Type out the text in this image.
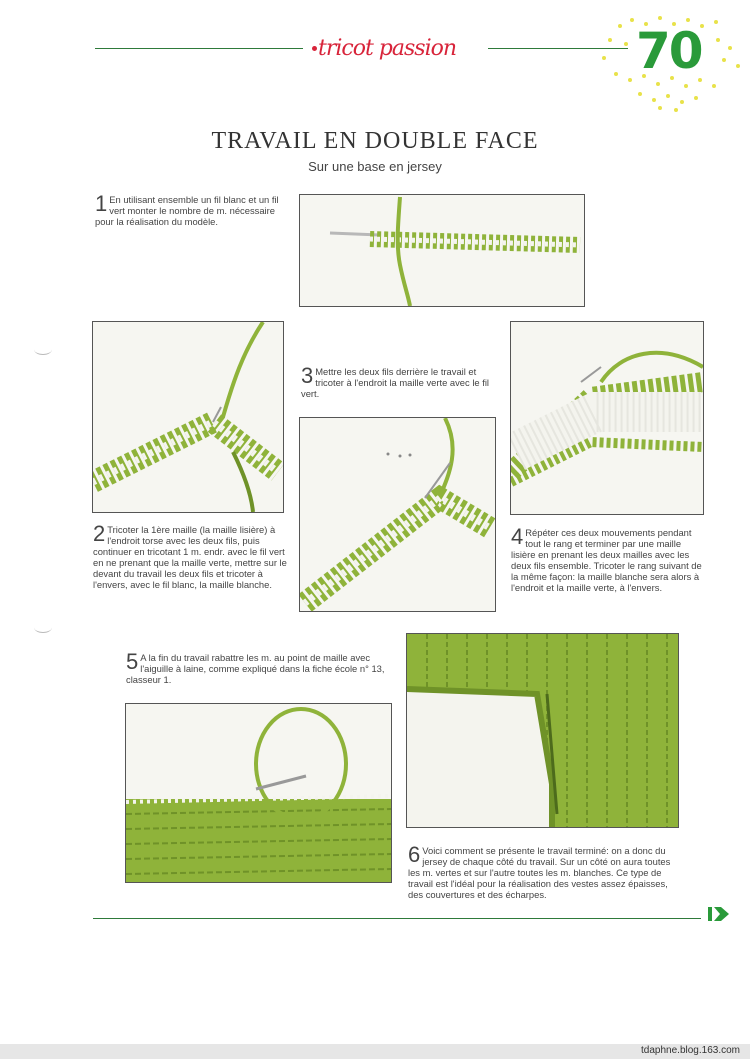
tricot passion	70
TRAVAIL EN DOUBLE FACE
Sur une base en jersey
1 En utilisant ensemble un fil blanc et un fil vert monter le nombre de m. nécessaire pour la réalisation du modèle.
3 Mettre les deux fils derrière le travail et tricoter à l'endroit la maille verte avec le fil vert.
2 Tricoter la 1ère maille (la maille lisière) à l'endroit torse avec les deux fils, puis continuer en tricotant 1 m. endr. avec le fil vert en ne prenant que la maille verte, mettre sur le devant du travail les deux fils et tricoter à l'envers, avec le fil blanc, la maille blanche.
4 Répéter ces deux mouvements pendant tout le rang et terminer par une maille lisière en prenant les deux mailles avec les deux fils ensemble. Tricoter le rang suivant de la même façon: la maille blanche sera alors à l'endroit et la maille verte, à l'envers.
5 A la fin du travail rabattre les m. au point de maille avec l'aiguille à laine, comme expliqué dans la fiche école n° 13, classeur 1.
6 Voici comment se présente le travail terminé: on a donc du jersey de chaque côté du travail. Sur un côté on aura toutes les m. vertes et sur l'autre toutes les m. blanches. Ce type de travail est l'idéal pour la réalisation des vestes assez épaisses, des couvertures et des écharpes.
tdaphne.blog.163.com
